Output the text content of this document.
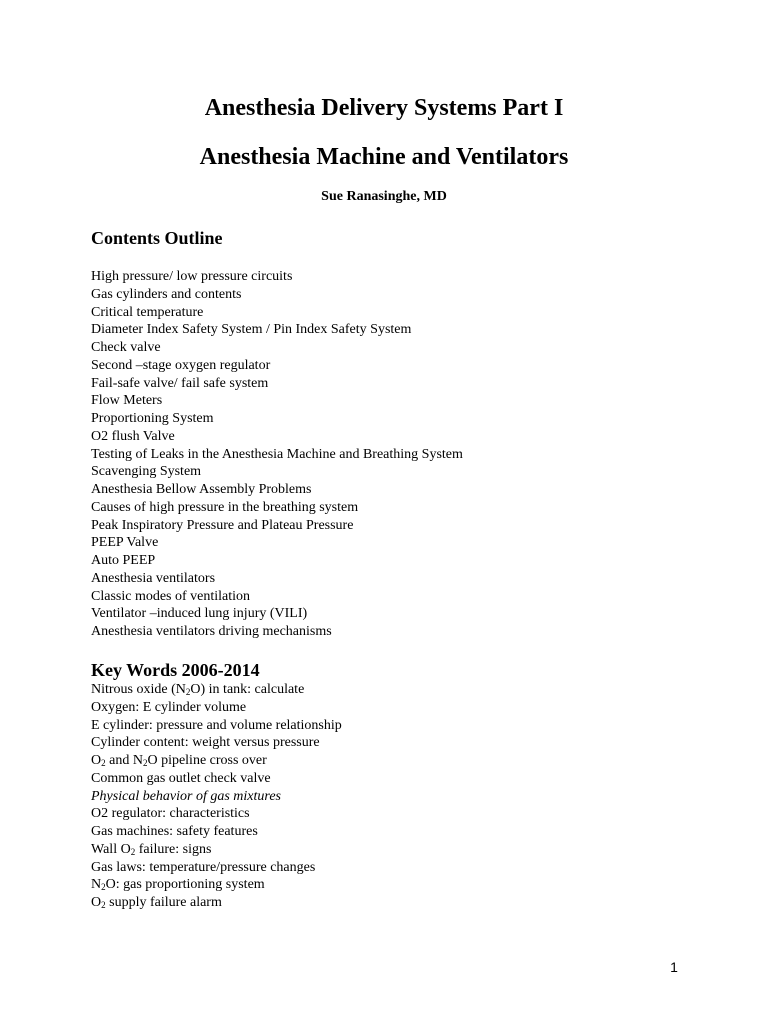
Anesthesia Delivery Systems Part I
Anesthesia Machine and Ventilators
Sue Ranasinghe, MD
Contents Outline
High pressure/ low pressure circuits
Gas cylinders and contents
Critical temperature
Diameter Index Safety System / Pin Index Safety System
Check valve
Second –stage oxygen regulator
Fail-safe valve/ fail safe system
Flow Meters
Proportioning System
O2 flush Valve
Testing of Leaks in the Anesthesia Machine and Breathing System
Scavenging System
Anesthesia Bellow Assembly Problems
Causes of high pressure in the breathing system
Peak Inspiratory Pressure and Plateau Pressure
PEEP Valve
Auto PEEP
Anesthesia ventilators
Classic modes of ventilation
Ventilator –induced lung injury (VILI)
Anesthesia ventilators driving mechanisms
Key Words 2006-2014
Nitrous oxide $(N_2O)$ in tank: calculate
Oxygen: E cylinder volume
E cylinder: pressure and volume relationship
Cylinder content: weight versus pressure
$O_2$ and $N_2O$ pipeline cross over
Common gas outlet check valve
Physical behavior of gas mixtures
O2 regulator: characteristics
Gas machines: safety features
Wall $O_2$ failure: signs
Gas laws: temperature/pressure changes
$N_2O$: gas proportioning system
$O_2$ supply failure alarm
1
